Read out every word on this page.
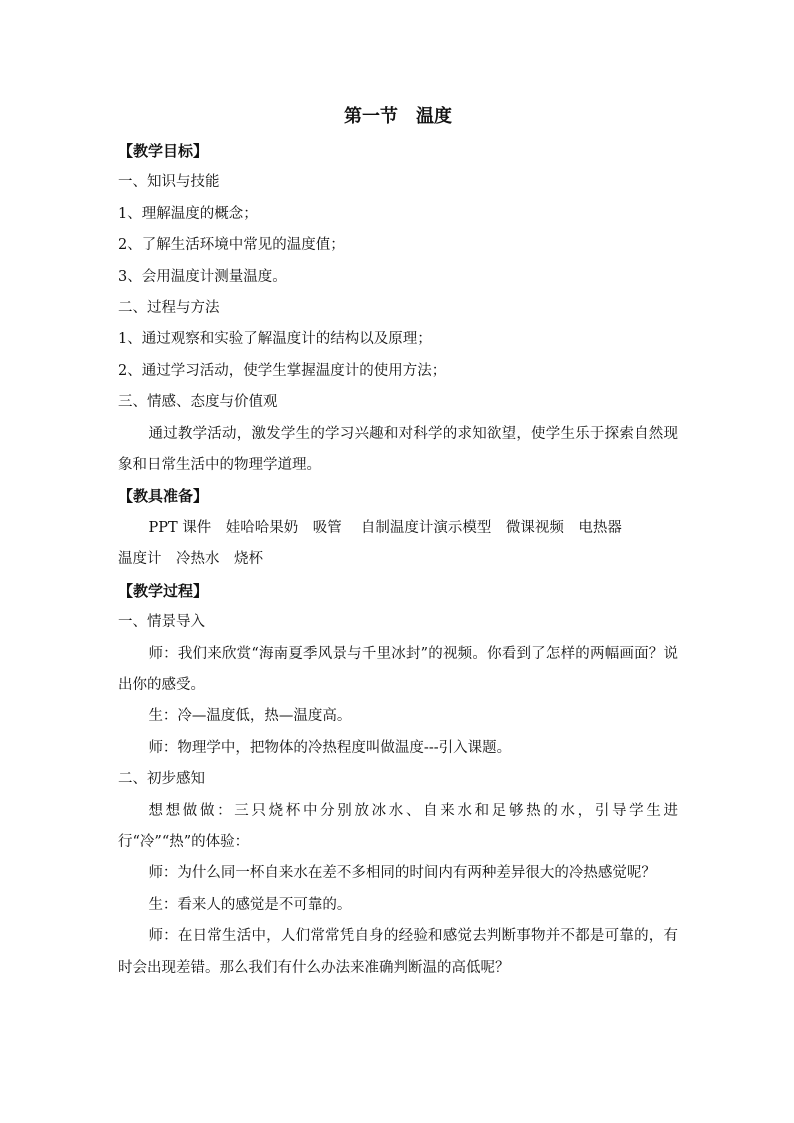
第一节　温度

【教学目标】

一、知识与技能

1、理解温度的概念；

2、了解生活环境中常见的温度值；

3、会用温度计测量温度。

二、过程与方法

1、通过观察和实验了解温度计的结构以及原理；

2、通过学习活动，使学生掌握温度计的使用方法；

三、情感、态度与价值观

通过教学活动，激发学生的学习兴趣和对科学的求知欲望，使学生乐于探索自然现象和日常生活中的物理学道理。

【教具准备】

PPT 课件　娃哈哈果奶　吸管　 自制温度计演示模型　微课视频　电热器

温度计　冷热水　烧杯

【教学过程】

一、情景导入

师：我们来欣赏“海南夏季风景与千里冰封”的视频。你看到了怎样的两幅画面？说出你的感受。

生：冷—温度低，热—温度高。

师：物理学中，把物体的冷热程度叫做温度---引入课题。

二、初步感知

想想做做：三只烧杯中分别放冰水、自来水和足够热的水，引导学生进行“冷”“热”的体验：

师：为什么同一杯自来水在差不多相同的时间内有两种差异很大的冷热感觉呢？

生：看来人的感觉是不可靠的。

师：在日常生活中，人们常常凭自身的经验和感觉去判断事物并不都是可靠的，有时会出现差错。那么我们有什么办法来准确判断温的高低呢？
